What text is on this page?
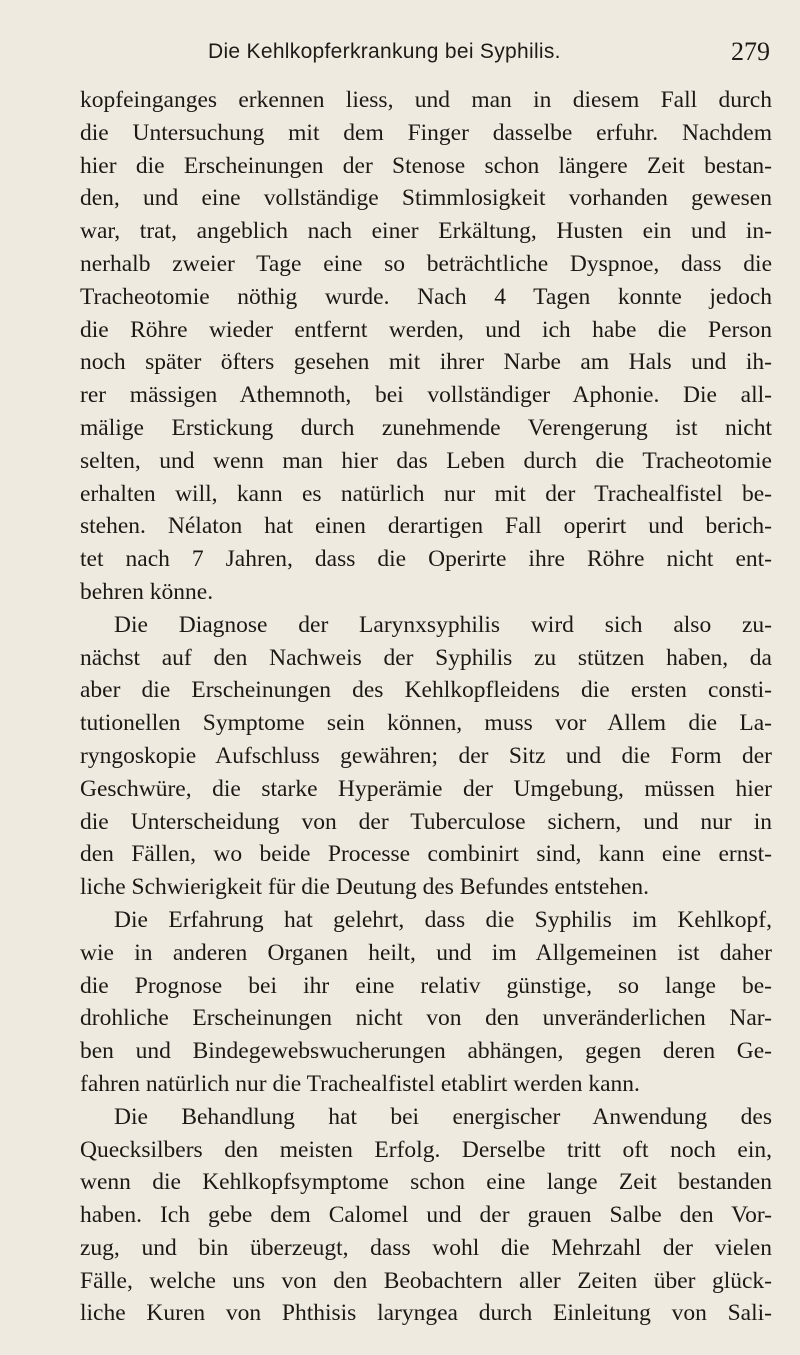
Die Kehlkopferkrankung bei Syphilis.	279
kopfeinganges erkennen liess, und man in diesem Fall durch
die Untersuchung mit dem Finger dasselbe erfuhr. Nachdem
hier die Erscheinungen der Stenose schon längere Zeit bestan-
den, und eine vollständige Stimmlosigkeit vorhanden gewesen
war, trat, angeblich nach einer Erkältung, Husten ein und in-
nerhalb zweier Tage eine so beträchtliche Dyspnoe, dass die
Tracheotomie nöthig wurde. Nach 4 Tagen konnte jedoch
die Röhre wieder entfernt werden, und ich habe die Person
noch später öfters gesehen mit ihrer Narbe am Hals und ih-
rer mässigen Athemnoth, bei vollständiger Aphonie. Die all-
mälige Erstickung durch zunehmende Verengerung ist nicht
selten, und wenn man hier das Leben durch die Tracheotomie
erhalten will, kann es natürlich nur mit der Trachealfistel be-
stehen. Nélaton hat einen derartigen Fall operirt und berich-
tet nach 7 Jahren, dass die Operirte ihre Röhre nicht ent-
behren könne.
Die Diagnose der Larynxsyphilis wird sich also zu-
nächst auf den Nachweis der Syphilis zu stützen haben, da
aber die Erscheinungen des Kehlkopfleidens die ersten consti-
tutionellen Symptome sein können, muss vor Allem die La-
ryngoskopie Aufschluss gewähren; der Sitz und die Form der
Geschwüre, die starke Hyperämie der Umgebung, müssen hier
die Unterscheidung von der Tuberculose sichern, und nur in
den Fällen, wo beide Processe combinirt sind, kann eine ernst-
liche Schwierigkeit für die Deutung des Befundes entstehen.
Die Erfahrung hat gelehrt, dass die Syphilis im Kehlkopf,
wie in anderen Organen heilt, und im Allgemeinen ist daher
die Prognose bei ihr eine relativ günstige, so lange be-
drohliche Erscheinungen nicht von den unveränderlichen Nar-
ben und Bindegewebswucherungen abhängen, gegen deren Ge-
fahren natürlich nur die Trachealfistel etablirt werden kann.
Die Behandlung hat bei energischer Anwendung des
Quecksilbers den meisten Erfolg. Derselbe tritt oft noch ein,
wenn die Kehlkopfsymptome schon eine lange Zeit bestanden
haben. Ich gebe dem Calomel und der grauen Salbe den Vor-
zug, und bin überzeugt, dass wohl die Mehrzahl der vielen
Fälle, welche uns von den Beobachtern aller Zeiten über glück-
liche Kuren von Phthisis laryngea durch Einleitung von Sali-
